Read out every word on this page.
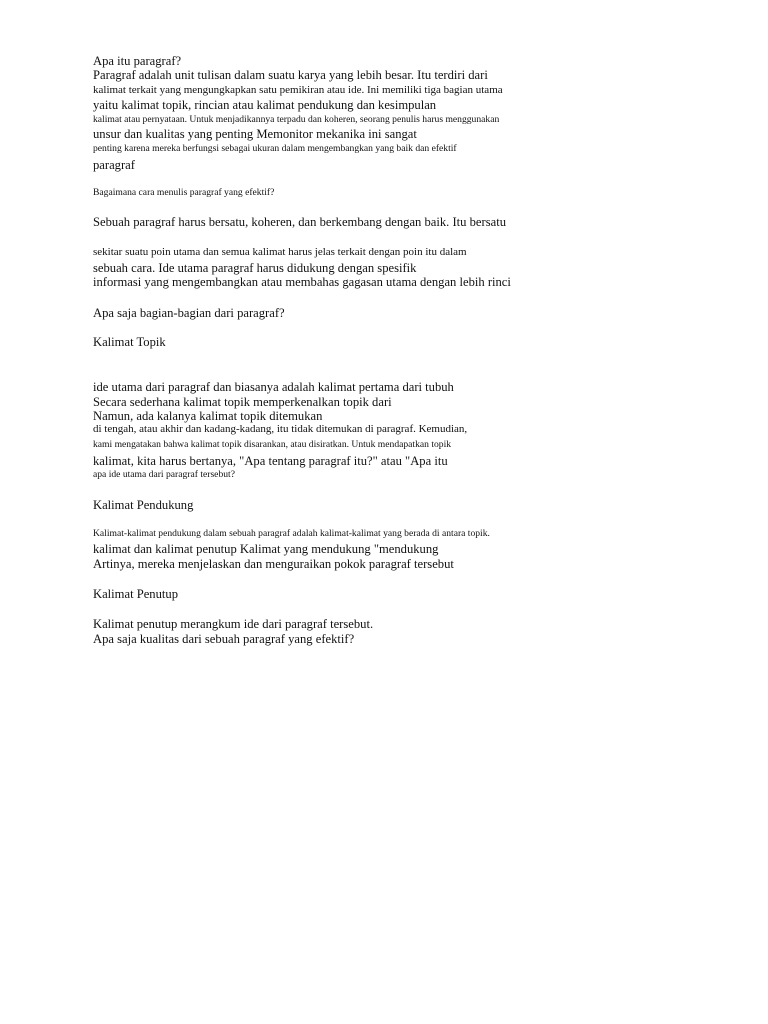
Apa itu paragraf?
Paragraf adalah unit tulisan dalam suatu karya yang lebih besar. Itu terdiri dari
kalimat terkait yang mengungkapkan satu pemikiran atau ide. Ini memiliki tiga bagian utama
yaitu kalimat topik, rincian atau kalimat pendukung dan kesimpulan
kalimat atau pernyataan. Untuk menjadikannya terpadu dan koheren, seorang penulis harus menggunakan
unsur dan kualitas yang penting Memonitor mekanika ini sangat
penting karena mereka berfungsi sebagai ukuran dalam mengembangkan yang baik dan efektif
paragraf
Bagaimana cara menulis paragraf yang efektif?
Sebuah paragraf harus bersatu, koheren, dan berkembang dengan baik. Itu bersatu
sekitar suatu poin utama dan semua kalimat harus jelas terkait dengan poin itu dalam
sebuah cara. Ide utama paragraf harus didukung dengan spesifik
informasi yang mengembangkan atau membahas gagasan utama dengan lebih rinci
Apa saja bagian-bagian dari paragraf?
Kalimat Topik
ide utama dari paragraf dan biasanya adalah kalimat pertama dari tubuh
Secara sederhana kalimat topik memperkenalkan topik dari
Namun, ada kalanya kalimat topik ditemukan
di tengah, atau akhir dan kadang-kadang, itu tidak ditemukan di paragraf. Kemudian,
kami mengatakan bahwa kalimat topik disarankan, atau disiratkan. Untuk mendapatkan topik
kalimat, kita harus bertanya, "Apa tentang paragraf itu?" atau "Apa itu
apa ide utama dari paragraf tersebut?
Kalimat Pendukung
Kalimat-kalimat pendukung dalam sebuah paragraf adalah kalimat-kalimat yang berada di antara topik.
kalimat dan kalimat penutup Kalimat yang mendukung "mendukung
Artinya, mereka menjelaskan dan menguraikan pokok paragraf tersebut
Kalimat Penutup
Kalimat penutup merangkum ide dari paragraf tersebut.
Apa saja kualitas dari sebuah paragraf yang efektif?
